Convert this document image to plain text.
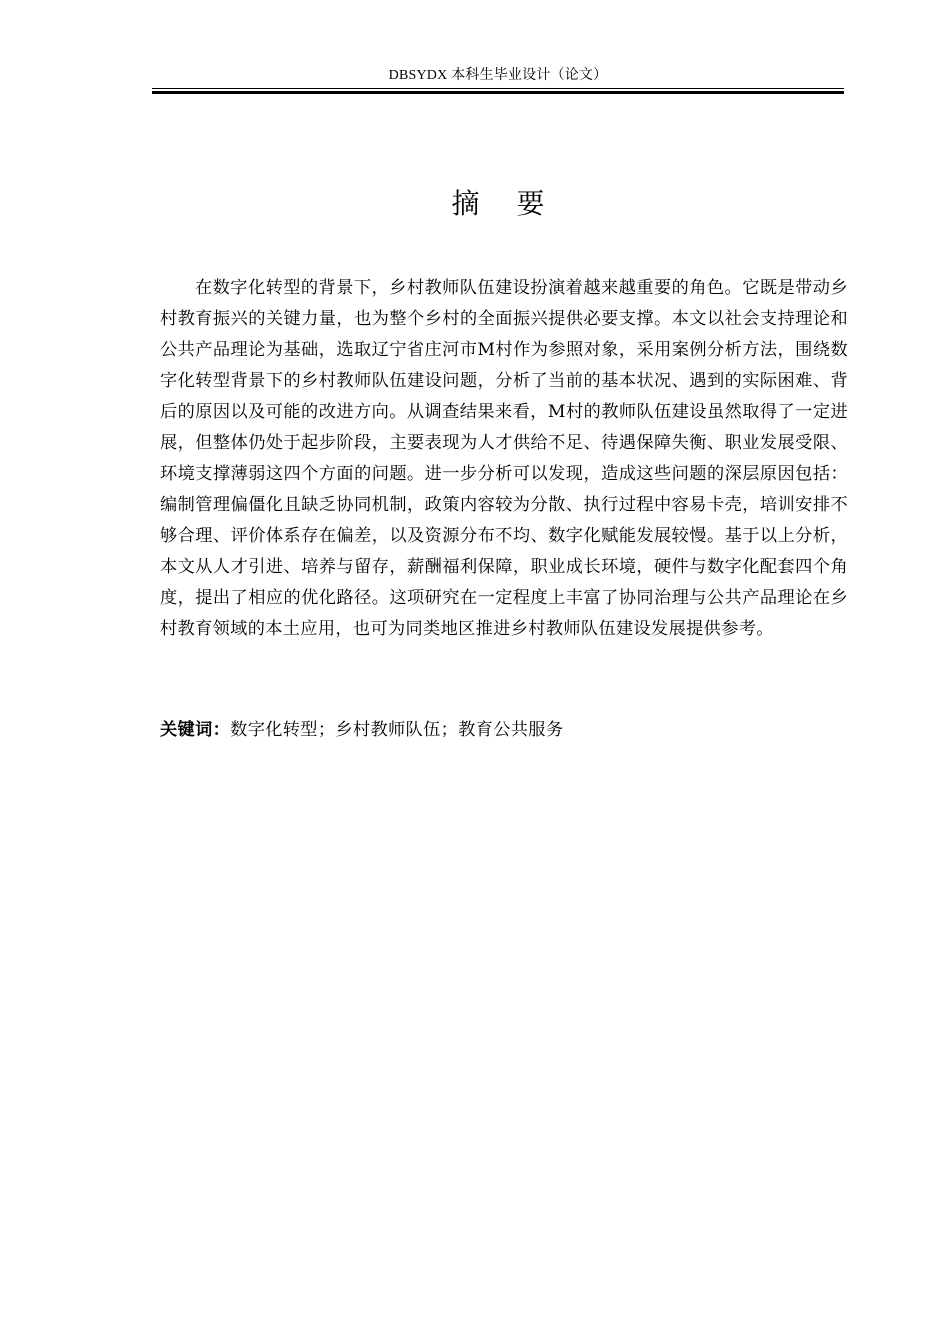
DBSYDX 本科生毕业设计（论文）
摘 要

在数字化转型的背景下，乡村教师队伍建设扮演着越来越重要的角色。它既是带动乡村教育振兴的关键力量，也为整个乡村的全面振兴提供必要支撑。本文以社会支持理论和公共产品理论为基础，选取辽宁省庄河市M村作为参照对象，采用案例分析方法，围绕数字化转型背景下的乡村教师队伍建设问题，分析了当前的基本状况、遇到的实际困难、背后的原因以及可能的改进方向。从调查结果来看，M村的教师队伍建设虽然取得了一定进展，但整体仍处于起步阶段，主要表现为人才供给不足、待遇保障失衡、职业发展受限、环境支撑薄弱这四个方面的问题。进一步分析可以发现，造成这些问题的深层原因包括：编制管理偏僵化且缺乏协同机制，政策内容较为分散、执行过程中容易卡壳，培训安排不够合理、评价体系存在偏差，以及资源分布不均、数字化赋能发展较慢。基于以上分析，本文从人才引进、培养与留存，薪酬福利保障，职业成长环境，硬件与数字化配套四个角度，提出了相应的优化路径。这项研究在一定程度上丰富了协同治理与公共产品理论在乡村教育领域的本土应用，也可为同类地区推进乡村教师队伍建设发展提供参考。

关键词：数字化转型；乡村教师队伍；教育公共服务
